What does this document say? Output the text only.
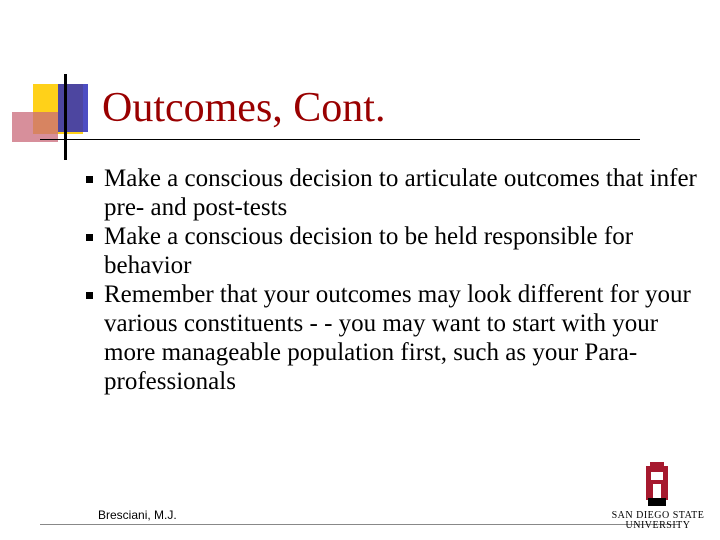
Outcomes, Cont.
Make a conscious decision to articulate outcomes that infer pre- and post-tests
Make a conscious decision to be held responsible for behavior
Remember that your outcomes may look different for your various constituents - - you may want to start with your more manageable population first, such as your Para-professionals
Bresciani, M.J.	SAN DIEGO STATE
UNIVERSITY
